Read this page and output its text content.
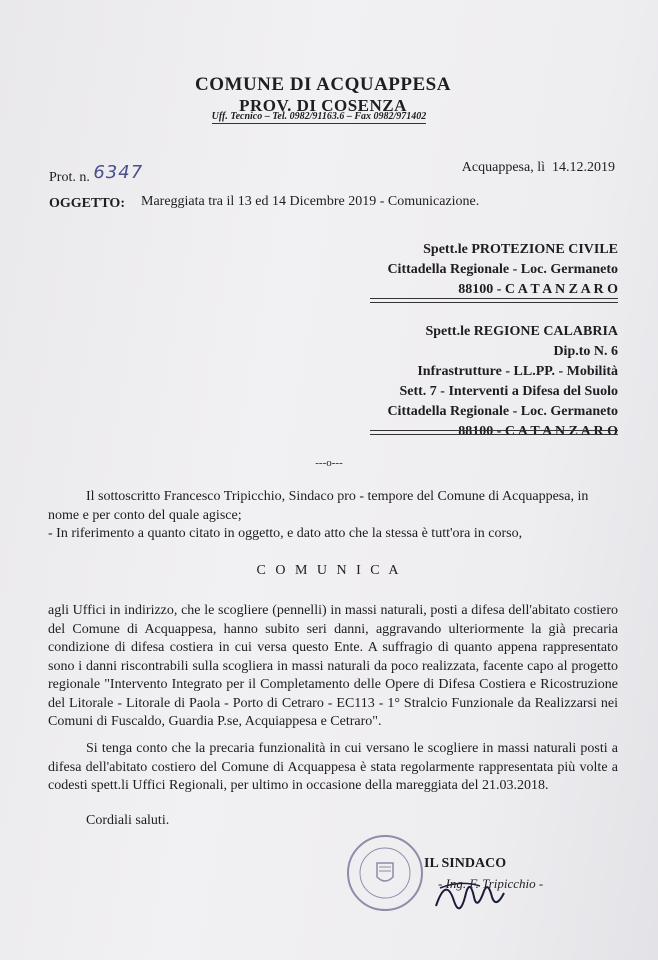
COMUNE DI ACQUAPPESA
PROV. DI COSENZA
Uff. Tecnico – Tel. 0982/91163.6 – Fax 0982/971402
Prot. n. 6347	Acquappesa, lì 14.12.2019
OGGETTO: Mareggiata tra il 13 ed 14 Dicembre 2019 - Comunicazione.
Spett.le PROTEZIONE CIVILE
Cittadella Regionale - Loc. Germaneto
88100 - C A T A N Z A R O
Spett.le REGIONE CALABRIA
Dip.to N. 6
Infrastrutture - LL.PP. - Mobilità
Sett. 7 - Interventi a Difesa del Suolo
Cittadella Regionale - Loc. Germaneto
88100 - C A T A N Z A R O
---o---
Il sottoscritto Francesco Tripicchio, Sindaco pro - tempore del Comune di Acquappesa, in
nome e per conto del quale agisce;
- In riferimento a quanto citato in oggetto, e dato atto che la stessa è tutt'ora in corso,
C O M U N I C A
agli Uffici in indirizzo, che le scogliere (pennelli) in massi naturali, posti a difesa dell'abitato costiero del Comune di Acquappesa, hanno subito seri danni, aggravando ulteriormente la già precaria condizione di difesa costiera in cui versa questo Ente. A suffragio di quanto appena rappresentato sono i danni riscontrabili sulla scogliera in massi naturali da poco realizzata, facente capo al progetto regionale "Intervento Integrato per il Completamento delle Opere di Difesa Costiera e Ricostruzione del Litorale - Litorale di Paola - Porto di Cetraro - EC113 - 1° Stralcio Funzionale da Realizzarsi nei Comuni di Fuscaldo, Guardia P.se, Acquiappesa e Cetraro".
Si tenga conto che la precaria funzionalità in cui versano le scogliere in massi naturali posti a difesa dell'abitato costiero del Comune di Acquappesa è stata regolarmente rappresentata più volte a codesti spett.li Uffici Regionali, per ultimo in occasione della mareggiata del 21.03.2018.
Cordiali saluti.
IL SINDACO
- Ing. F. Tripicchio -
